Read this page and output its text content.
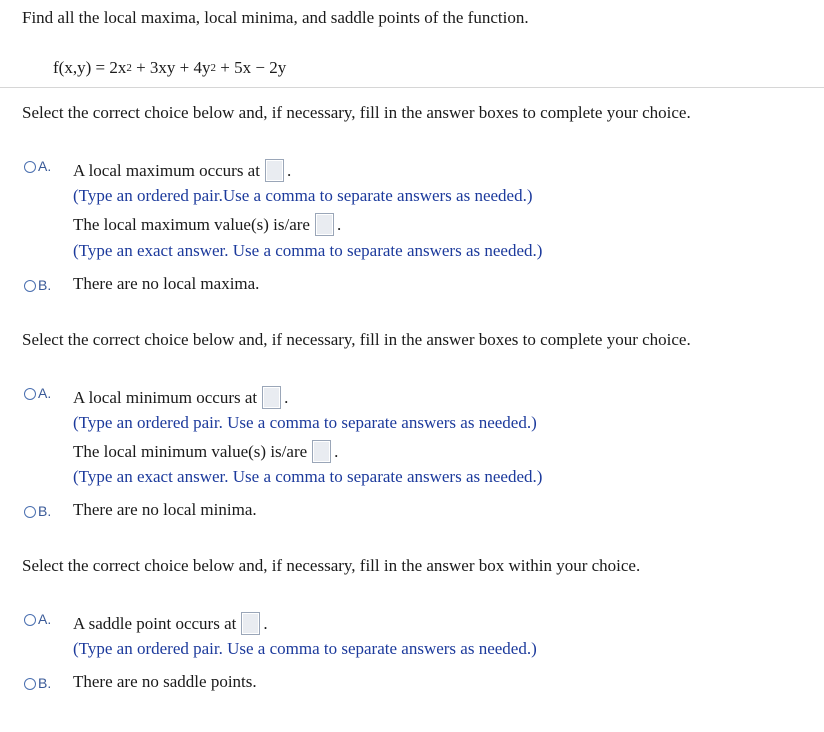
Find all the local maxima, local minima, and saddle points of the function.
$f(x,y) = 2x^2 + 3xy + 4y^2 + 5x - 2y$
Select the correct choice below and, if necessary, fill in the answer boxes to complete your choice.
A. A local maximum occurs at .
(Type an ordered pair.Use a comma to separate answers as needed.)
The local maximum value(s) is/are .
(Type an exact answer. Use a comma to separate answers as needed.)
B. There are no local maxima.
Select the correct choice below and, if necessary, fill in the answer boxes to complete your choice.
A. A local minimum occurs at .
(Type an ordered pair. Use a comma to separate answers as needed.)
The local minimum value(s) is/are .
(Type an exact answer. Use a comma to separate answers as needed.)
B. There are no local minima.
Select the correct choice below and, if necessary, fill in the answer box within your choice.
A. A saddle point occurs at .
(Type an ordered pair. Use a comma to separate answers as needed.)
B. There are no saddle points.
